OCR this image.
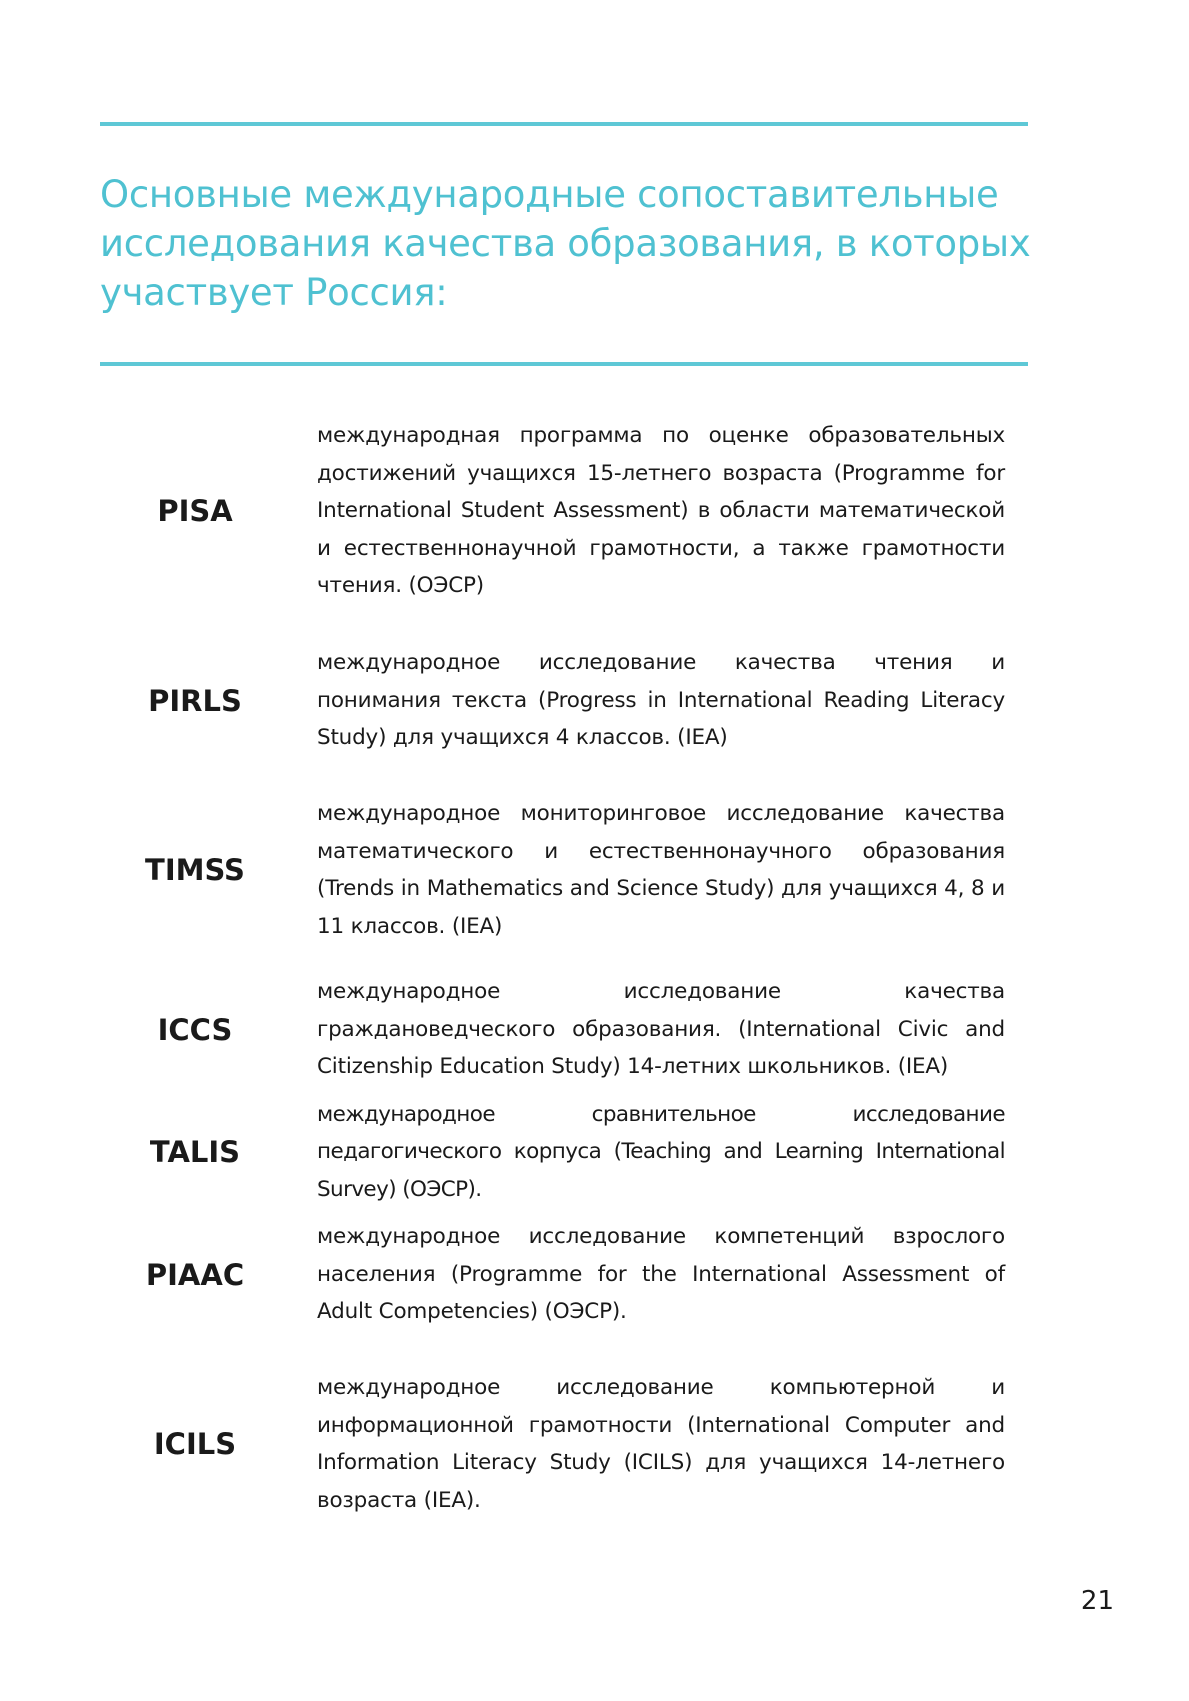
Основные международные сопоставительные исследования качества образования, в которых участвует Россия:
PISA

международная программа по оценке образовательных достижений учащихся 15-летнего возраста (Programme for International Student Assessment) в области математической и естественнонаучной грамотности, а также грамотности чтения. (ОЭСР)

PIRLS

международное исследование качества чтения и понимания текста (Progress in International Reading Literacy Study) для учащихся 4 классов. (IEA)

TIMSS

международное мониторинговое исследование качества математического и естественнонаучного образования (Trends in Mathematics and Science Study) для учащихся 4, 8 и 11 классов. (IEA)

ICCS

международное исследование качества граждановедческого образования. (International Civic and Citizenship Education Study) 14-летних школьников. (IEA)

TALIS

международное сравнительное исследование педагогического корпуса (Teaching and Learning International Survey) (ОЭСР).

PIAAC

международное исследование компетенций взрослого населения (Programme for the International Assessment of Adult Competencies) (ОЭСР).

ICILS

международное исследование компьютерной и информационной грамотности (International Computer and Information Literacy Study (ICILS) для учащихся 14-летнего возраста (IEA).

21
